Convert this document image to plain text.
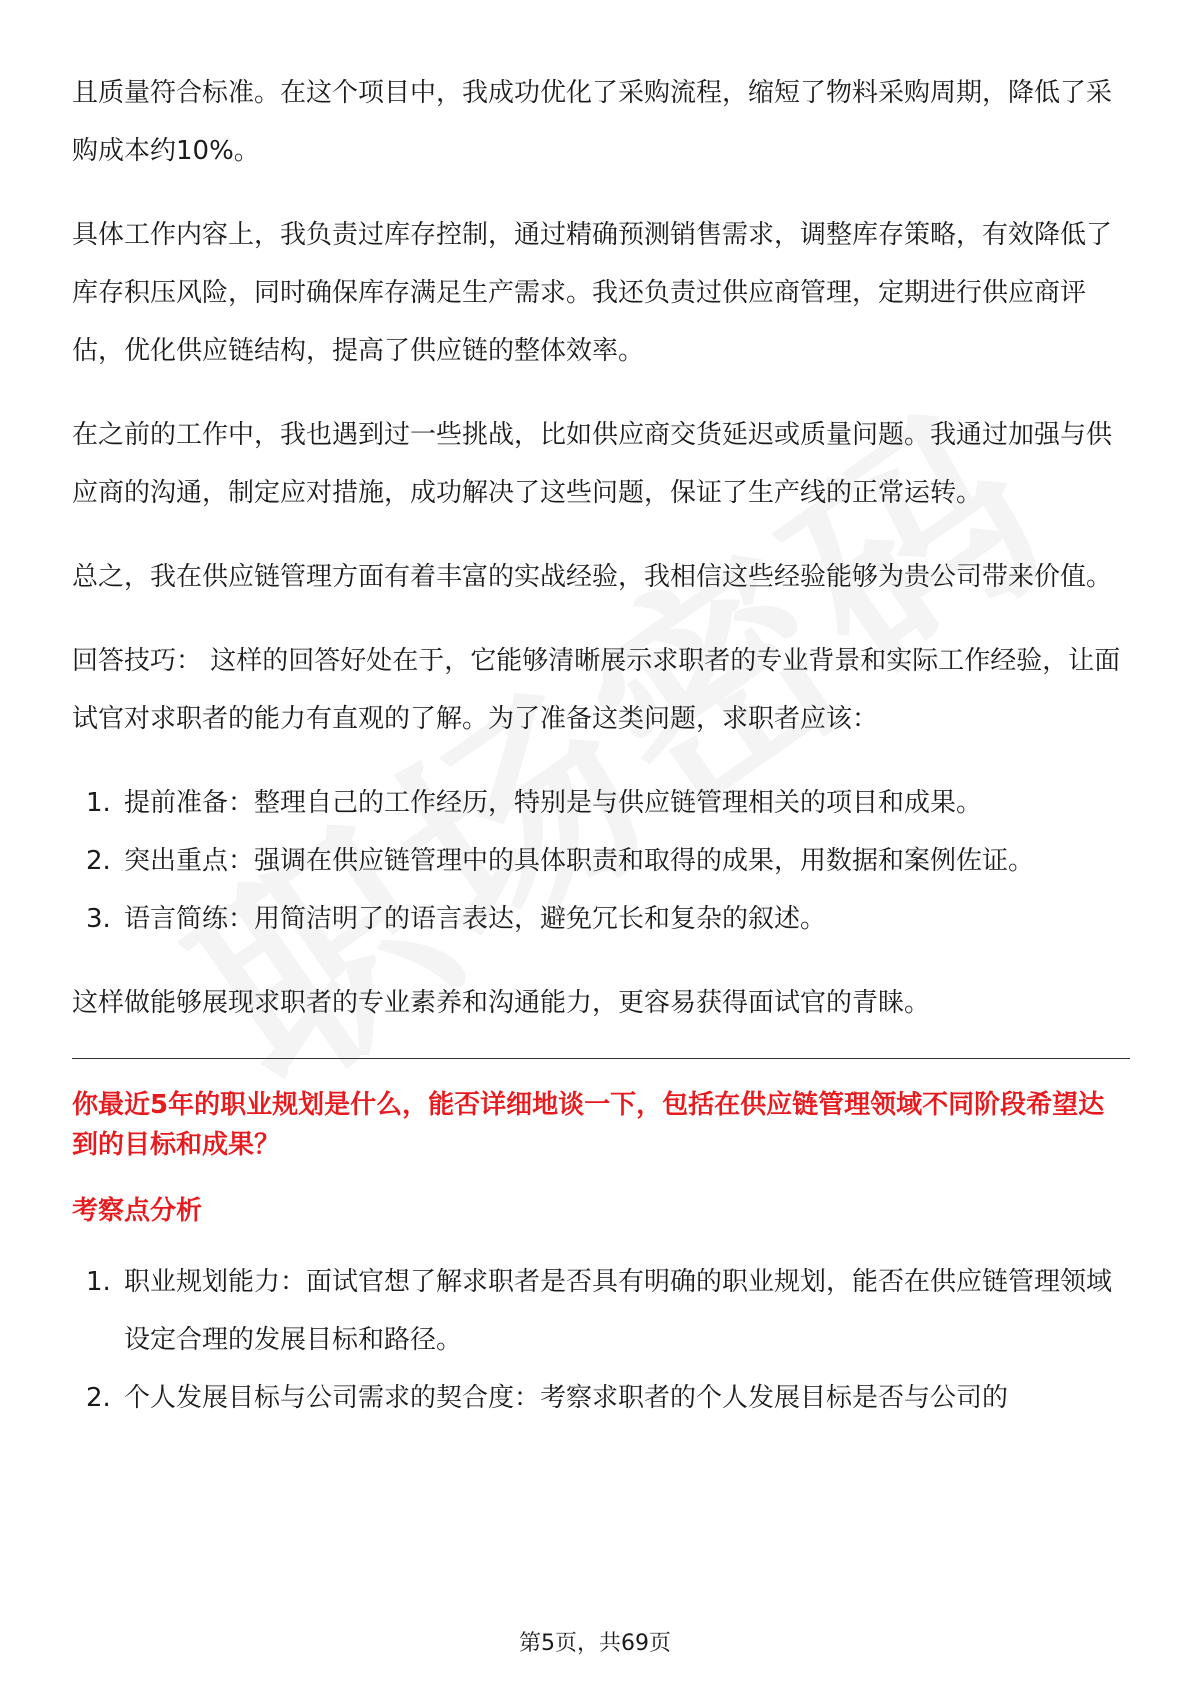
且质量符合标准。在这个项目中，我成功优化了采购流程，缩短了物料采购周期，降低了采购成本约10%。

具体工作内容上，我负责过库存控制，通过精确预测销售需求，调整库存策略，有效降低了库存积压风险，同时确保库存满足生产需求。我还负责过供应商管理，定期进行供应商评估，优化供应链结构，提高了供应链的整体效率。

在之前的工作中，我也遇到过一些挑战，比如供应商交货延迟或质量问题。我通过加强与供应商的沟通，制定应对措施，成功解决了这些问题，保证了生产线的正常运转。

总之，我在供应链管理方面有着丰富的实战经验，我相信这些经验能够为贵公司带来价值。

回答技巧： 这样的回答好处在于，它能够清晰展示求职者的专业背景和实际工作经验，让面试官对求职者的能力有直观的了解。为了准备这类问题，求职者应该：

1. 提前准备：整理自己的工作经历，特别是与供应链管理相关的项目和成果。
2. 突出重点：强调在供应链管理中的具体职责和取得的成果，用数据和案例佐证。
3. 语言简练：用简洁明了的语言表达，避免冗长和复杂的叙述。

这样做能够展现求职者的专业素养和沟通能力，更容易获得面试官的青睐。

你最近5年的职业规划是什么，能否详细地谈一下，包括在供应链管理领域不同阶段希望达到的目标和成果？
考察点分析
1. 职业规划能力：面试官想了解求职者是否具有明确的职业规划，能否在供应链管理领域设定合理的发展目标和路径。
2. 个人发展目标与公司需求的契合度：考察求职者的个人发展目标是否与公司的
第5页，共69页
